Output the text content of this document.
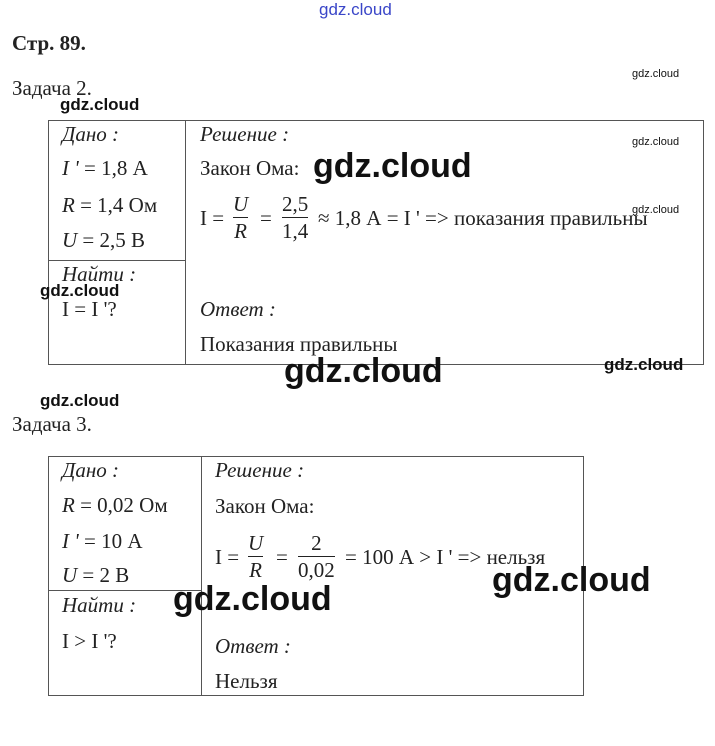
gdz.cloud
Стр. 89.
Задача 2.
Дано :
I ' = 1,8 А
R = 1,4 Ом
U = 2,5 В
Найти :
I = I '?
Решение :
Закон Ома:
I =
U
R
=
2,5
1,4
≈ 1,8 А = I ' => показания правильны
Ответ :
Показания правильны
Задача 3.
Дано :
R = 0,02 Ом
I ' = 10 А
U = 2 В
Найти :
I > I '?
Решение :
Закон Ома:
I =
U
R
=
2
0,02
= 100 А > I ' => нельзя
Ответ :
Нельзя
gdz.cloud
gdz.cloud
gdz.cloud
gdz.cloud
gdz.cloud
gdz.cloud
gdz.cloud	gdz.cloud
gdz.cloud
gdz.cloud
gdz.cloud
